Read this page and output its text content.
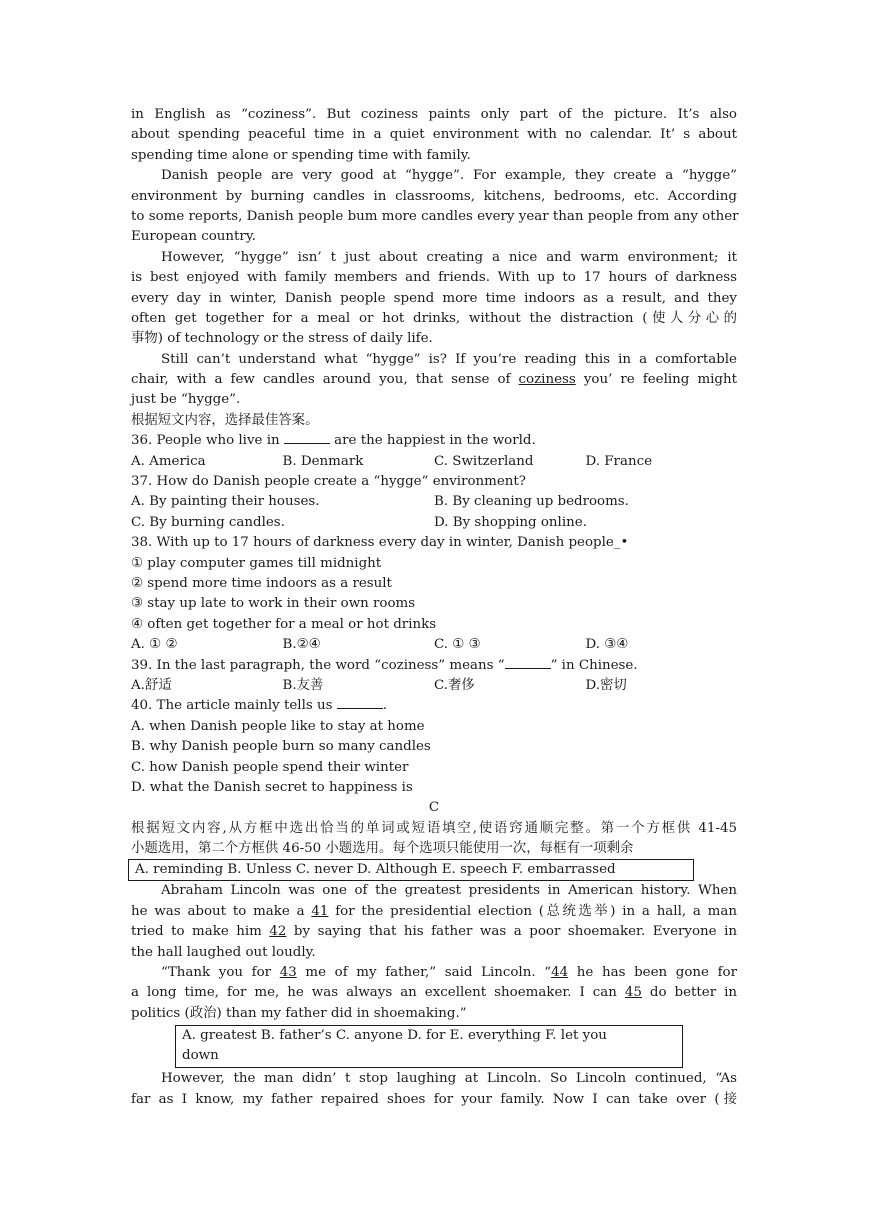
in English as “coziness”. But coziness paints only part of the picture. It’s also
about spending peaceful time in a quiet environment with no calendar. It’ s about
spending time alone or spending time with family.
Danish people are very good at “hygge”. For example, they create a “hygge”
environment by burning candles in classrooms, kitchens, bedrooms, etc. According
to some reports, Danish people bum more candles every year than people from any other
European country.
However, “hygge” isn’ t just about creating a nice and warm environment; it
is best enjoyed with family members and friends. With up to 17 hours of darkness
every day in winter, Danish people spend more time indoors as a result, and they
often get together for a meal or hot drinks, without the distraction (使人分心的
事物) of technology or the stress of daily life.
Still can’t understand what “hygge” is? If you’re reading this in a comfortable
chair, with a few candles around you, that sense of coziness you’ re feeling might
just be “hygge”.
根据短文内容，选择最佳答案。
36. People who live in	are the happiest in the world.
A. America	B. Denmark	C. Switzerland	D. France
37. How do Danish people create a “hygge” environment?
A. By painting their houses.	B. By cleaning up bedrooms.
C. By burning candles.	D. By shopping online.
38. With up to 17 hours of darkness every day in winter, Danish people_•
① play computer games till midnight
② spend more time indoors as a result
③ stay up late to work in their own rooms
④ often get together for a meal or hot drinks
A. ① ②	B.②④	C. ① ③	D. ③④
39. In the last paragraph, the word “coziness” means “	” in Chinese.
A.舒适	B.友善	C.奢侈	D.密切
40. The article mainly tells us	.
A. when Danish people like to stay at home
B. why Danish people burn so many candles
C. how Danish people spend their winter
D. what the Danish secret to happiness is
C
根据短文内容,从方框中选出恰当的单词或短语填空,使语窍通顺完整。第一个方框供 41-45
小题选用，第二个方框供 46-50 小题选用。每个选项只能使用一次，每框有一项剩余
A. reminding B. Unless C. never D. Although E. speech F. embarrassed
Abraham Lincoln was one of the greatest presidents in American history. When
he was about to make a 41 for the presidential election (总统选举) in a hall, a man
tried to make him 42 by saying that his father was a poor shoemaker. Everyone in
the hall laughed out loudly.
“Thank you for 43 me of my father,” said Lincoln. “44 he has been gone for
a long time, for me, he was always an excellent shoemaker. I can 45 do better in
politics (政治) than my father did in shoemaking.”
A. greatest B. father’s C. anyone D. for E. everything F. let you
down
However, the man didn’ t stop laughing at Lincoln. So Lincoln continued, “As
far as I know, my father repaired shoes for your family. Now I can take over (接
